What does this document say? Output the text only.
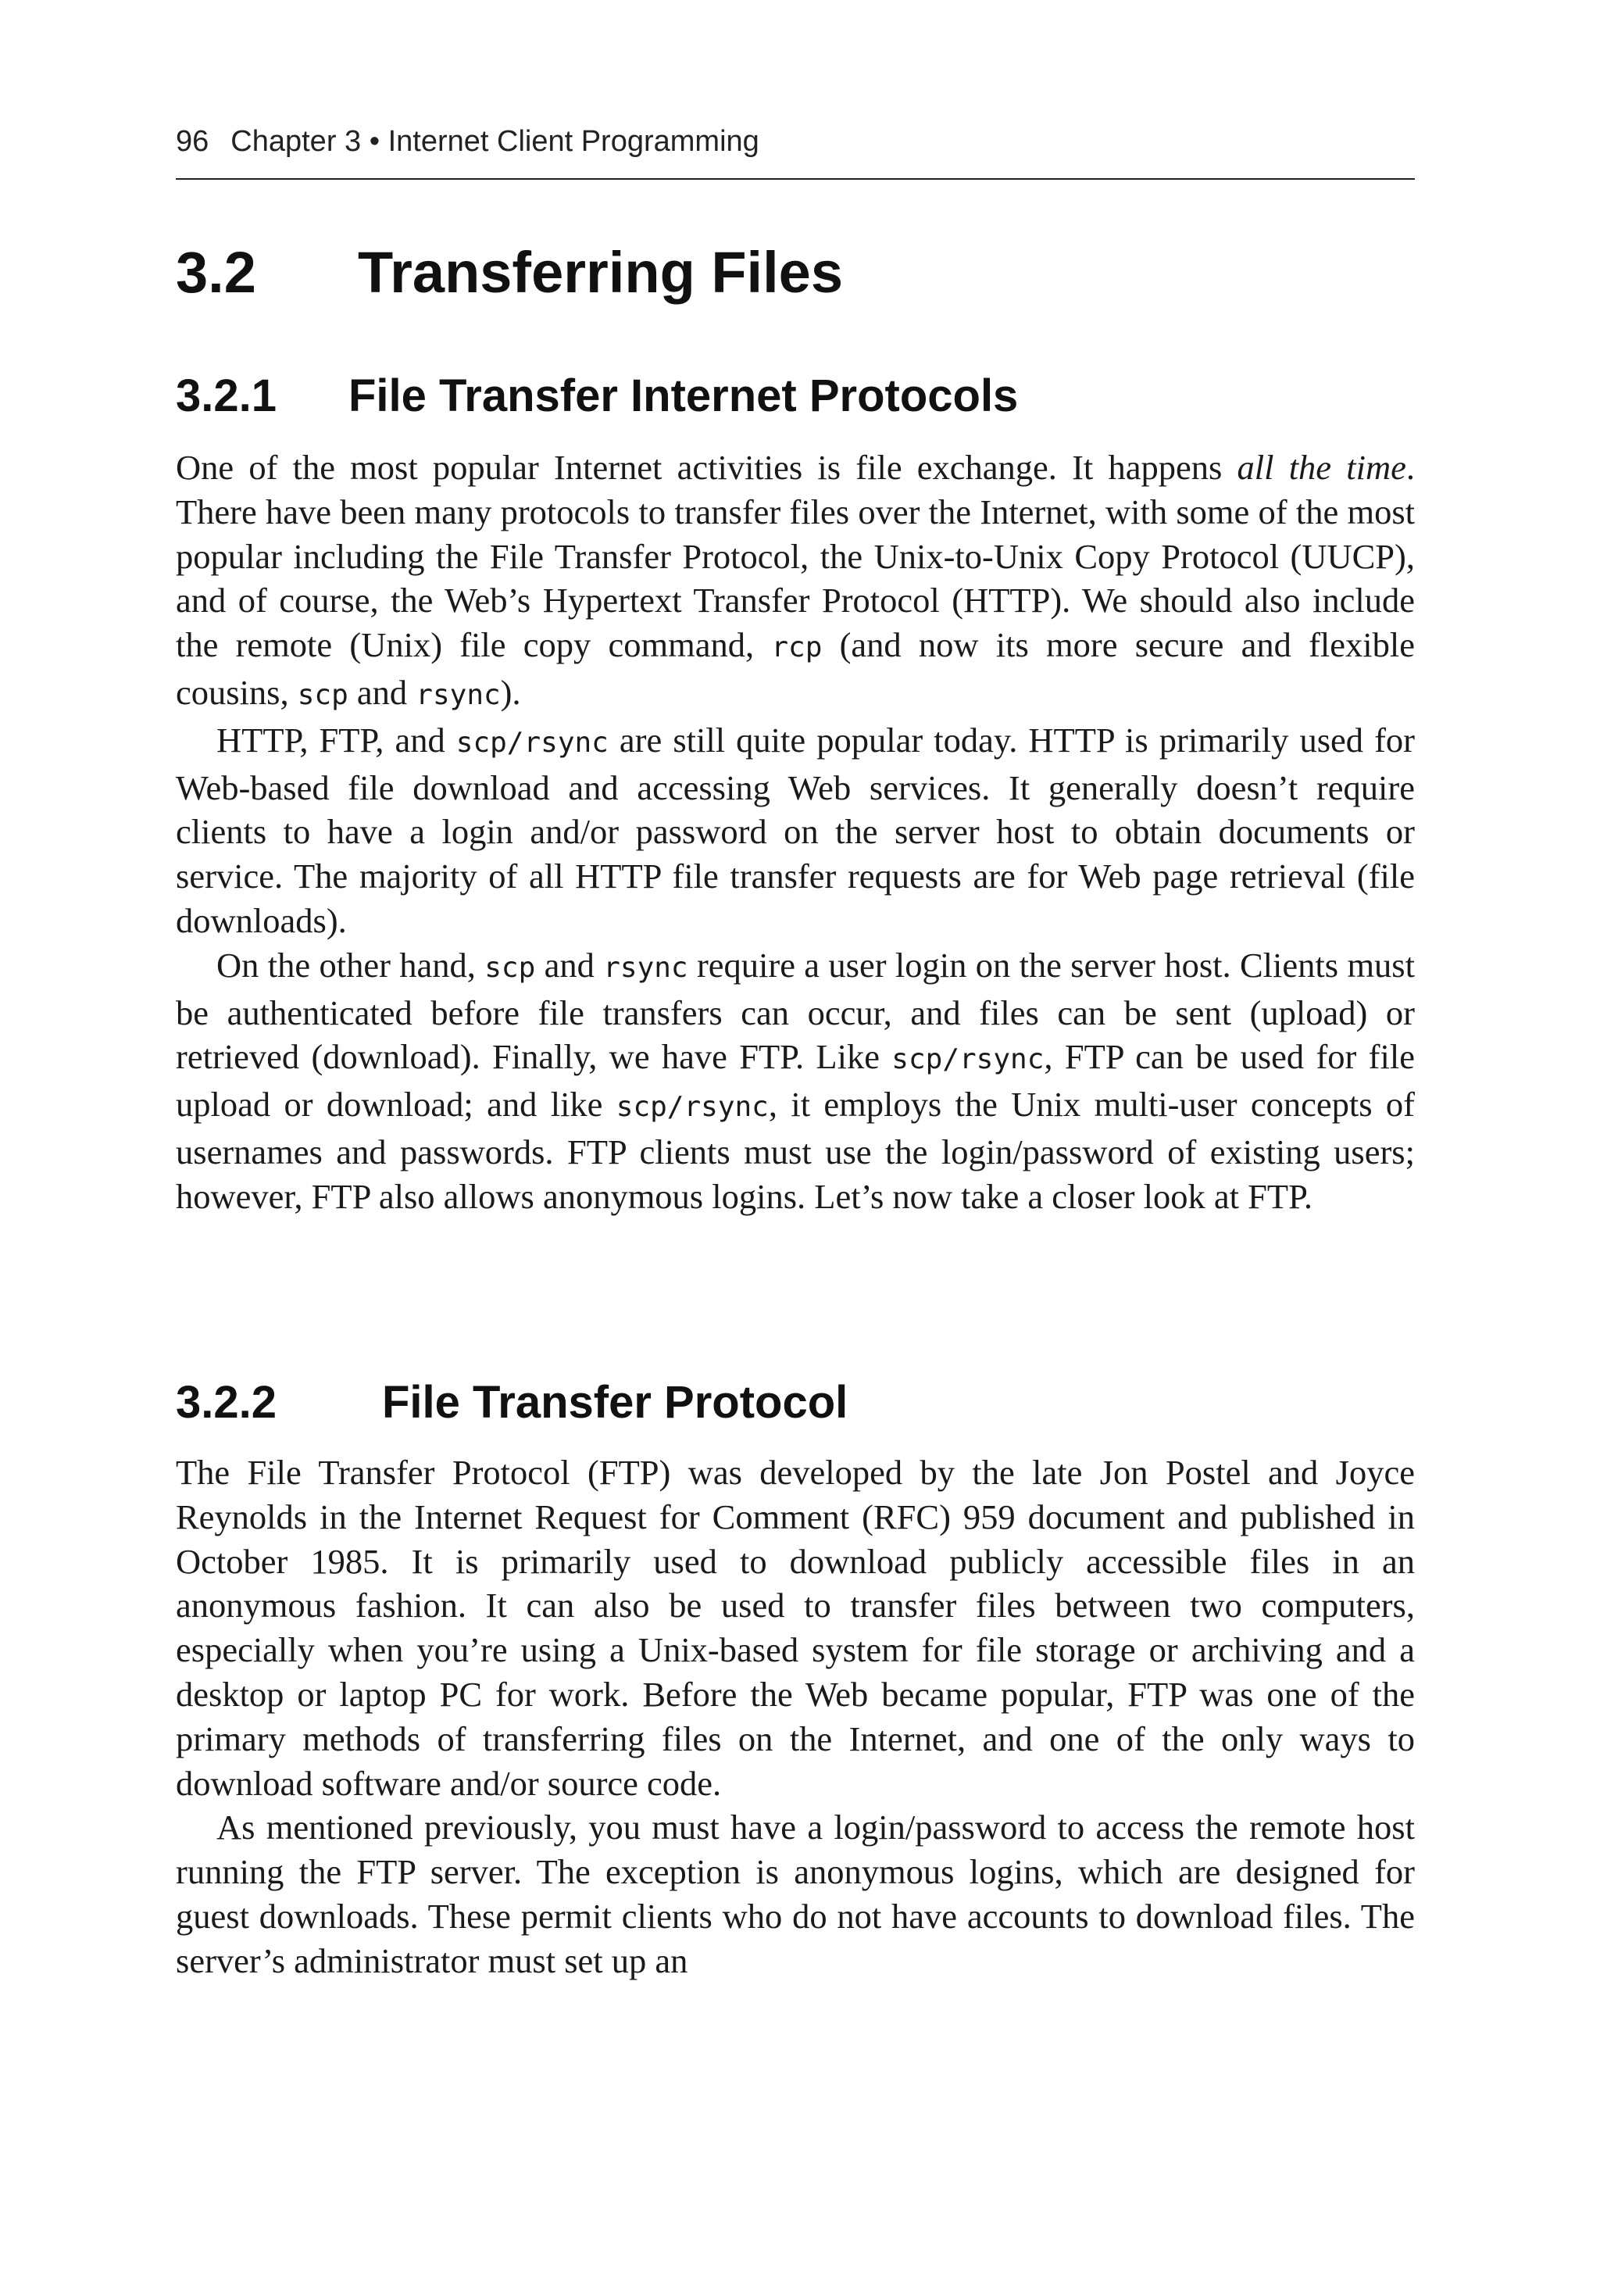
96 Chapter 3 • Internet Client Programming
3.2 Transferring Files
3.2.1 File Transfer Internet Protocols

One of the most popular Internet activities is file exchange. It happens all the time. There have been many protocols to transfer files over the Internet, with some of the most popular including the File Transfer Protocol, the Unix-to-Unix Copy Protocol (UUCP), and of course, the Web’s Hypertext Transfer Protocol (HTTP). We should also include the remote (Unix) file copy command, rcp (and now its more secure and flexible cousins, scp and rsync).

HTTP, FTP, and scp/rsync are still quite popular today. HTTP is primarily used for Web-based file download and accessing Web services. It generally doesn’t require clients to have a login and/or password on the server host to obtain documents or service. The majority of all HTTP file transfer requests are for Web page retrieval (file downloads).

On the other hand, scp and rsync require a user login on the server host. Clients must be authenticated before file transfers can occur, and files can be sent (upload) or retrieved (download). Finally, we have FTP. Like scp/rsync, FTP can be used for file upload or download; and like scp/rsync, it employs the Unix multi-user concepts of usernames and passwords. FTP clients must use the login/password of existing users; however, FTP also allows anonymous logins. Let’s now take a closer look at FTP.

3.2.2 File Transfer Protocol

The File Transfer Protocol (FTP) was developed by the late Jon Postel and Joyce Reynolds in the Internet Request for Comment (RFC) 959 document and published in October 1985. It is primarily used to download publicly accessible files in an anonymous fashion. It can also be used to transfer files between two computers, especially when you’re using a Unix-based system for file storage or archiving and a desktop or laptop PC for work. Before the Web became popular, FTP was one of the primary methods of transferring files on the Internet, and one of the only ways to download software and/or source code.

As mentioned previously, you must have a login/password to access the remote host running the FTP server. The exception is anonymous logins, which are designed for guest downloads. These permit clients who do not have accounts to download files. The server’s administrator must set up an
